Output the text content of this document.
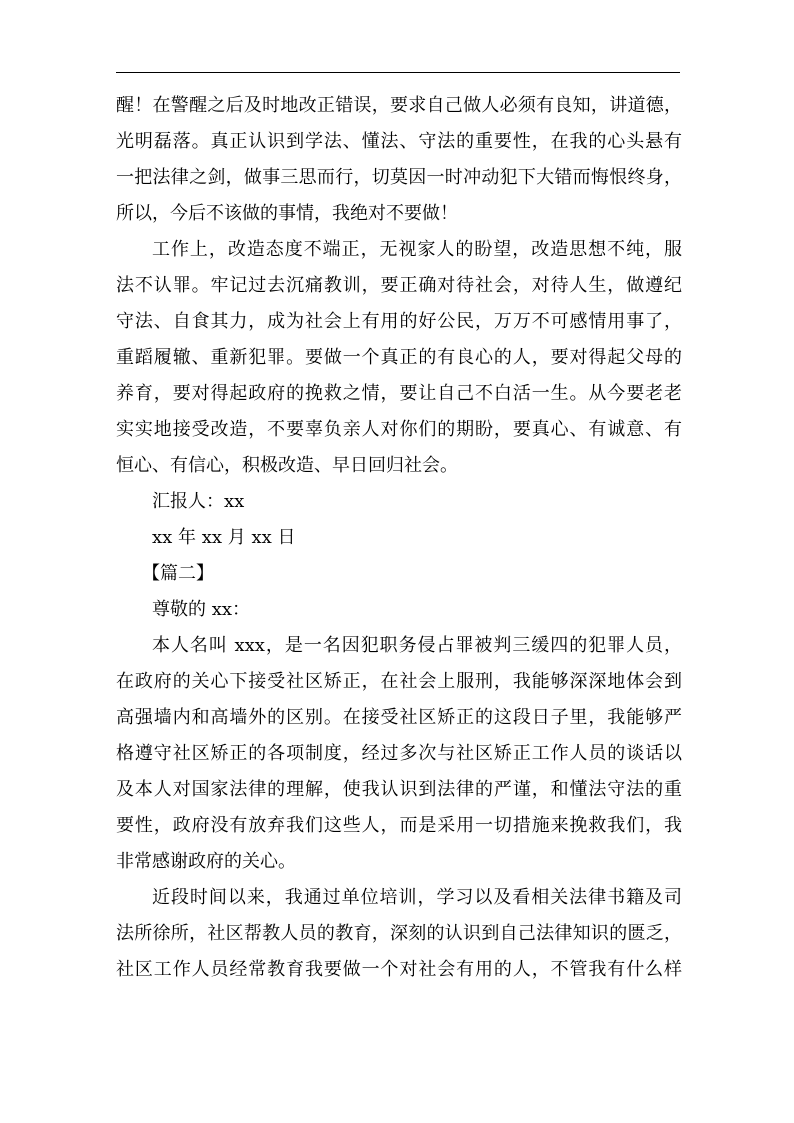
醒！在警醒之后及时地改正错误，要求自己做人必须有良知，讲道德，
光明磊落。真正认识到学法、懂法、守法的重要性，在我的心头悬有
一把法律之剑，做事三思而行，切莫因一时冲动犯下大错而悔恨终身，
所以，今后不该做的事情，我绝对不要做！

工作上，改造态度不端正，无视家人的盼望，改造思想不纯，服
法不认罪。牢记过去沉痛教训，要正确对待社会，对待人生，做遵纪
守法、自食其力，成为社会上有用的好公民，万万不可感情用事了，
重蹈履辙、重新犯罪。要做一个真正的有良心的人，要对得起父母的
养育，要对得起政府的挽救之情，要让自己不白活一生。从今要老老
实实地接受改造，不要辜负亲人对你们的期盼，要真心、有诚意、有
恒心、有信心，积极改造、早日回归社会。

汇报人：xx

xx 年 xx 月 xx 日

【篇二】

尊敬的 xx：

本人名叫 xxx，是一名因犯职务侵占罪被判三缓四的犯罪人员，
在政府的关心下接受社区矫正，在社会上服刑，我能够深深地体会到
高强墙内和高墙外的区别。在接受社区矫正的这段日子里，我能够严
格遵守社区矫正的各项制度，经过多次与社区矫正工作人员的谈话以
及本人对国家法律的理解，使我认识到法律的严谨，和懂法守法的重
要性，政府没有放弃我们这些人，而是采用一切措施来挽救我们，我
非常感谢政府的关心。

近段时间以来，我通过单位培训，学习以及看相关法律书籍及司
法所徐所，社区帮教人员的教育，深刻的认识到自己法律知识的匮乏，
社区工作人员经常教育我要做一个对社会有用的人，不管我有什么样
